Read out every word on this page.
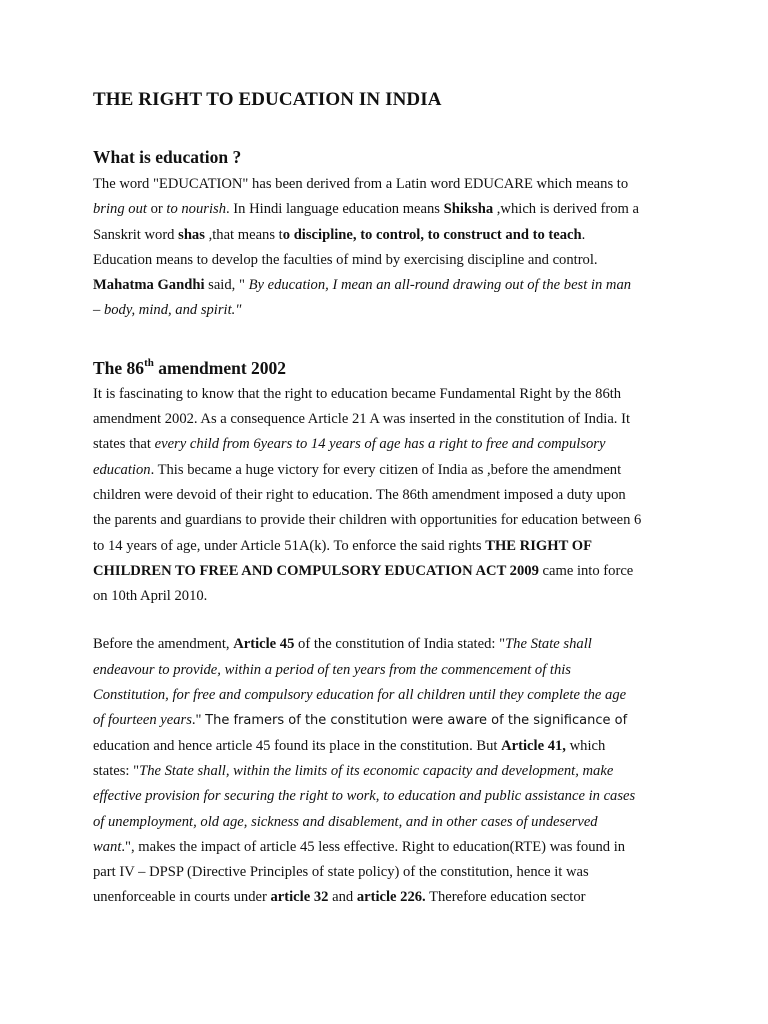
THE RIGHT TO EDUCATION IN INDIA
What is education ?

The word "EDUCATION" has been derived from a Latin word EDUCARE which means to
bring out or to nourish. In Hindi language education means Shiksha ,which is derived from a
Sanskrit word shas ,that means to discipline, to control, to construct and to teach.
Education means to develop the faculties of mind by exercising discipline and control.
Mahatma Gandhi said, " By education, I mean an all-round drawing out of the best in man
– body, mind, and spirit."

The 86th amendment 2002

It is fascinating to know that the right to education became Fundamental Right by the 86th
amendment 2002. As a consequence Article 21 A was inserted in the constitution of India. It
states that every child from 6years to 14 years of age has a right to free and compulsory
education. This became a huge victory for every citizen of India as ,before the amendment
children were devoid of their right to education. The 86th amendment imposed a duty upon
the parents and guardians to provide their children with opportunities for education between 6
to 14 years of age, under Article 51A(k). To enforce the said rights THE RIGHT OF
CHILDREN TO FREE AND COMPULSORY EDUCATION ACT 2009 came into force
on 10th April 2010.

Before the amendment, Article 45 of the constitution of India stated: "The State shall
endeavour to provide, within a period of ten years from the commencement of this
Constitution, for free and compulsory education for all children until they complete the age
of fourteen years." The framers of the constitution were aware of the significance of
education and hence article 45 found its place in the constitution. But Article 41, which
states: "The State shall, within the limits of its economic capacity and development, make
effective provision for securing the right to work, to education and public assistance in cases
of unemployment, old age, sickness and disablement, and in other cases of undeserved
want.", makes the impact of article 45 less effective. Right to education(RTE) was found in
part IV – DPSP (Directive Principles of state policy) of the constitution, hence it was
unenforceable in courts under article 32 and article 226. Therefore education sector
